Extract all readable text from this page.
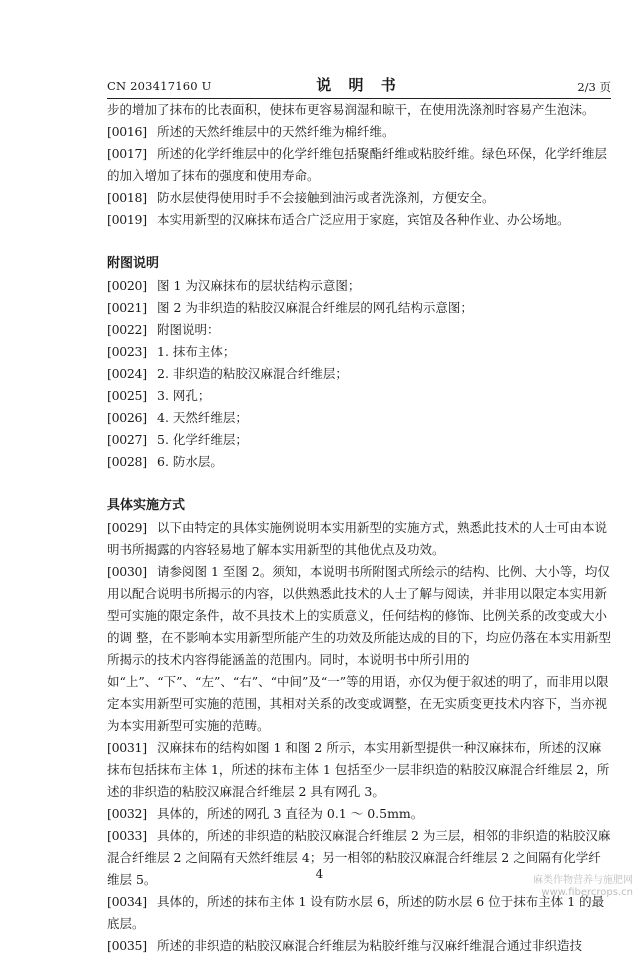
CN 203417160 U	说 明 书	2/3 页

步的增加了抹布的比表面积，使抹布更容易润湿和晾干，在使用洗涤剂时容易产生泡沫。

[0016] 所述的天然纤维层中的天然纤维为棉纤维。

[0017] 所述的化学纤维层中的化学纤维包括聚酯纤维或粘胶纤维。绿色环保，化学纤维层的加入增加了抹布的强度和使用寿命。

[0018] 防水层使得使用时手不会接触到油污或者洗涤剂，方便安全。

[0019] 本实用新型的汉麻抹布适合广泛应用于家庭，宾馆及各种作业、办公场地。

附图说明

[0020] 图 1 为汉麻抹布的层状结构示意图；

[0021] 图 2 为非织造的粘胶汉麻混合纤维层的网孔结构示意图；

[0022] 附图说明：

[0023] 1. 抹布主体；

[0024] 2. 非织造的粘胶汉麻混合纤维层；

[0025] 3. 网孔；

[0026] 4. 天然纤维层；

[0027] 5. 化学纤维层；

[0028] 6. 防水层。

具体实施方式

[0029] 以下由特定的具体实施例说明本实用新型的实施方式，熟悉此技术的人士可由本说明书所揭露的内容轻易地了解本实用新型的其他优点及功效。

[0030] 请参阅图 1 至图 2。须知，本说明书所附图式所绘示的结构、比例、大小等，均仅用以配合说明书所揭示的内容，以供熟悉此技术的人士了解与阅读，并非用以限定本实用新型可实施的限定条件，故不具技术上的实质意义，任何结构的修饰、比例关系的改变或大小的调 整，在不影响本实用新型所能产生的功效及所能达成的目的下，均应仍落在本实用新型所揭示的技术内容得能涵盖的范围内。同时，本说明书中所引用的如“上”、“下”、“左”、“右”、“中间”及“一”等的用语，亦仅为便于叙述的明了，而非用以限定本实用新型可实施的范围，其相对关系的改变或调整，在无实质变更技术内容下，当亦视为本实用新型可实施的范畴。

[0031] 汉麻抹布的结构如图 1 和图 2 所示，本实用新型提供一种汉麻抹布，所述的汉麻抹布包括抹布主体 1，所述的抹布主体 1 包括至少一层非织造的粘胶汉麻混合纤维层 2，所述的非织造的粘胶汉麻混合纤维层 2 具有网孔 3。

[0032] 具体的，所述的网孔 3 直径为 0.1 ～ 0.5mm。

[0033] 具体的，所述的非织造的粘胶汉麻混合纤维层 2 为三层，相邻的非织造的粘胶汉麻混合纤维层 2 之间隔有天然纤维层 4；另一相邻的粘胶汉麻混合纤维层 2 之间隔有化学纤维层 5。

[0034] 具体的，所述的抹布主体 1 设有防水层 6，所述的防水层 6 位于抹布主体 1 的最底层。

[0035] 所述的非织造的粘胶汉麻混合纤维层为粘胶纤维与汉麻纤维混合通过非织造技

4	麻类作物营养与施肥网
www.fibercrops.cn
